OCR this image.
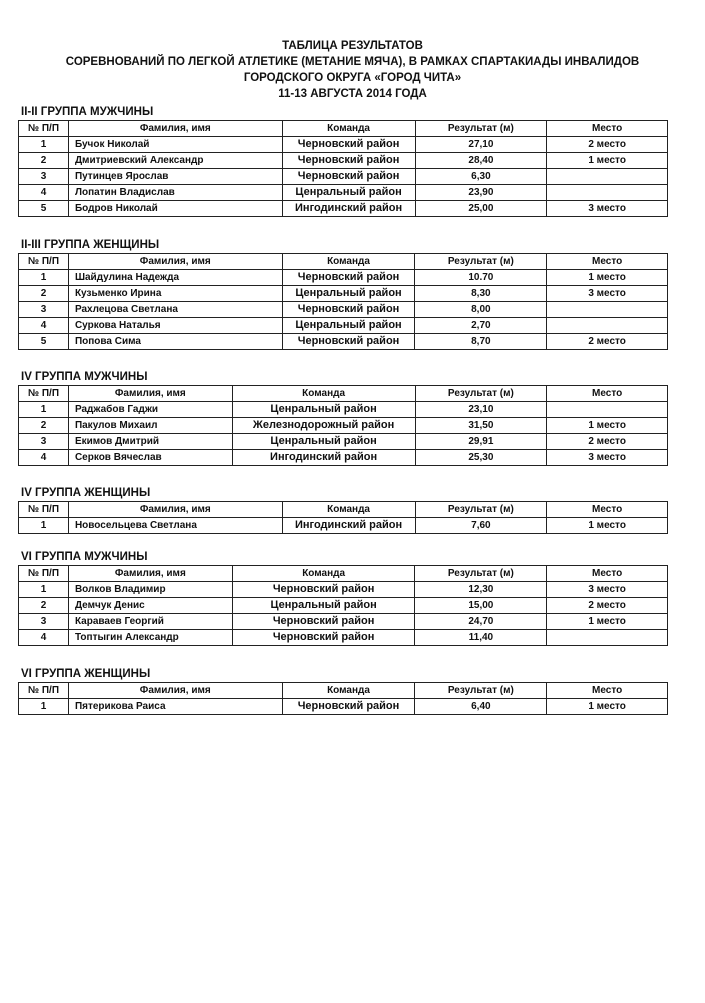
ТАБЛИЦА РЕЗУЛЬТАТОВ
СОРЕВНОВАНИЙ ПО ЛЕГКОЙ АТЛЕТИКЕ (МЕТАНИЕ МЯЧА), В РАМКАХ СПАРТАКИАДЫ ИНВАЛИДОВ
ГОРОДСКОГО ОКРУГА «ГОРОД ЧИТА»
11-13 АВГУСТА 2014 ГОДА
II-II ГРУППА МУЖЧИНЫ
№ П/П	Фамилия, имя	Команда	Результат (м)	Место
1	Бучок Николай	Черновский район	27,10	2 место
2	Дмитриевский Александр	Черновский район	28,40	1 место
3	Путинцев Ярослав	Черновский район	6,30	
4	Лопатин Владислав	Ценральный район	23,90	
5	Бодров Николай	Ингодинский район	25,00	3 место
II-III ГРУППА ЖЕНЩИНЫ
№ П/П	Фамилия, имя	Команда	Результат (м)	Место
1	Шайдулина Надежда	Черновский район	10.70	1 место
2	Кузьменко Ирина	Ценральный район	8,30	3 место
3	Рахлецова Светлана	Черновский район	8,00	
4	Суркова Наталья	Ценральный район	2,70	
5	Попова Сима	Черновский район	8,70	2 место
IV ГРУППА МУЖЧИНЫ
№ П/П	Фамилия, имя	Команда	Результат (м)	Место
1	Раджабов Гаджи	Ценральный район	23,10	
2	Пакулов Михаил	Железнодорожный район	31,50	1 место
3	Екимов Дмитрий	Ценральный район	29,91	2 место
4	Серков Вячеслав	Ингодинский район	25,30	3 место
IV ГРУППА ЖЕНЩИНЫ
№ П/П	Фамилия, имя	Команда	Результат (м)	Место
1	Новосельцева Светлана	Ингодинский район	7,60	1 место
VI ГРУППА МУЖЧИНЫ
№ П/П	Фамилия, имя	Команда	Результат (м)	Место
1	Волков Владимир	Черновский район	12,30	3 место
2	Демчук Денис	Ценральный район	15,00	2 место
3	Караваев Георгий	Черновский район	24,70	1 место
4	Топтыгин Александр	Черновский район	11,40	
VI ГРУППА ЖЕНЩИНЫ
№ П/П	Фамилия, имя	Команда	Результат (м)	Место
1	Пятерикова Раиса	Черновский район	6,40	1 место
